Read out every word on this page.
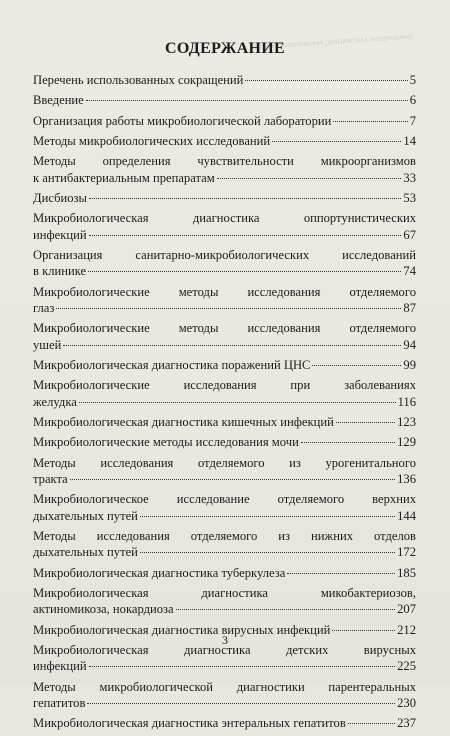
Микробиологическая диагностика энтеральных
СОДЕРЖАНИЕ
Перечень использованных сокращений	5
Введение	6
Организация работы микробиологической лаборатории	7
Методы микробиологических исследований	14
Методы определения чувствительности микроорганизмов
к антибактериальным препаратам	33
Дисбиозы	53
Микробиологическая диагностика оппортунистических
инфекций	67
Организация санитарно-микробиологических исследований
в клинике	74
Микробиологические методы исследования отделяемого
глаз	87
Микробиологические методы исследования отделяемого
ушей	94
Микробиологическая диагностика поражений ЦНС	99
Микробиологические исследования при заболеваниях
желудка	116
Микробиологическая диагностика кишечных инфекций	123
Микробиологические методы исследования мочи	129
Методы исследования отделяемого из урогенитального
тракта	136
Микробиологическое исследование отделяемого верхних
дыхательных путей	144
Методы исследования отделяемого из нижних отделов
дыхательных путей	172
Микробиологическая диагностика туберкулеза	185
Микробиологическая диагностика микобактериозов,
актиномикоза, нокардиоза	207
Микробиологическая диагностика вирусных инфекций	212
Микробиологическая диагностика детских вирусных
инфекций	225
Методы микробиологической диагностики парентеральных
гепатитов	230
Микробиологическая диагностика энтеральных гепатитов	237
3
